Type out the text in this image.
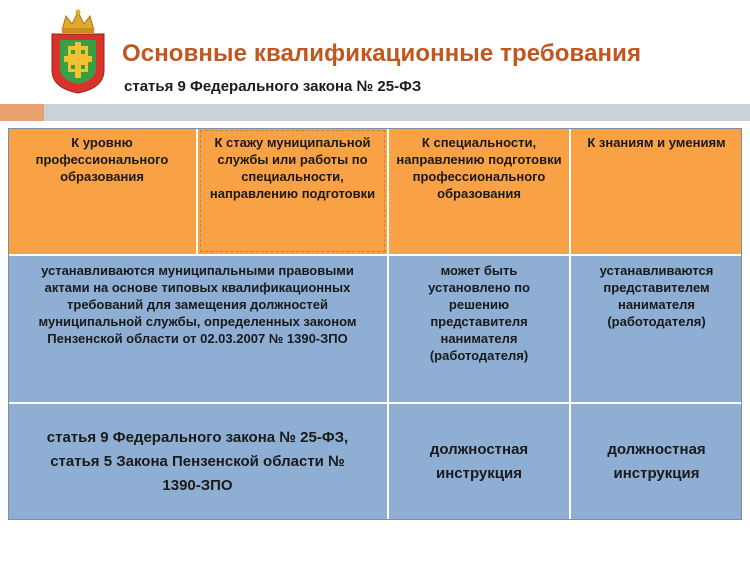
Основные квалификационные требования
статья 9 Федерального закона № 25-ФЗ
К уровню профессионального образования
К стажу муниципальной службы или работы по специальности, направлению подготовки
К специальности, направлению подготовки профессионального образования
К знаниям и умениям
устанавливаются муниципальными правовыми актами на основе типовых квалификационных требований для замещения должностей муниципальной службы, определенных законом Пензенской области от 02.03.2007 № 1390-ЗПО
может быть установлено по решению представителя нанимателя (работодателя)
устанавливаются представителем нанимателя (работодателя)
статья 9 Федерального закона № 25-ФЗ, статья 5 Закона Пензенской области № 1390-ЗПО
должностная инструкция
должностная инструкция
